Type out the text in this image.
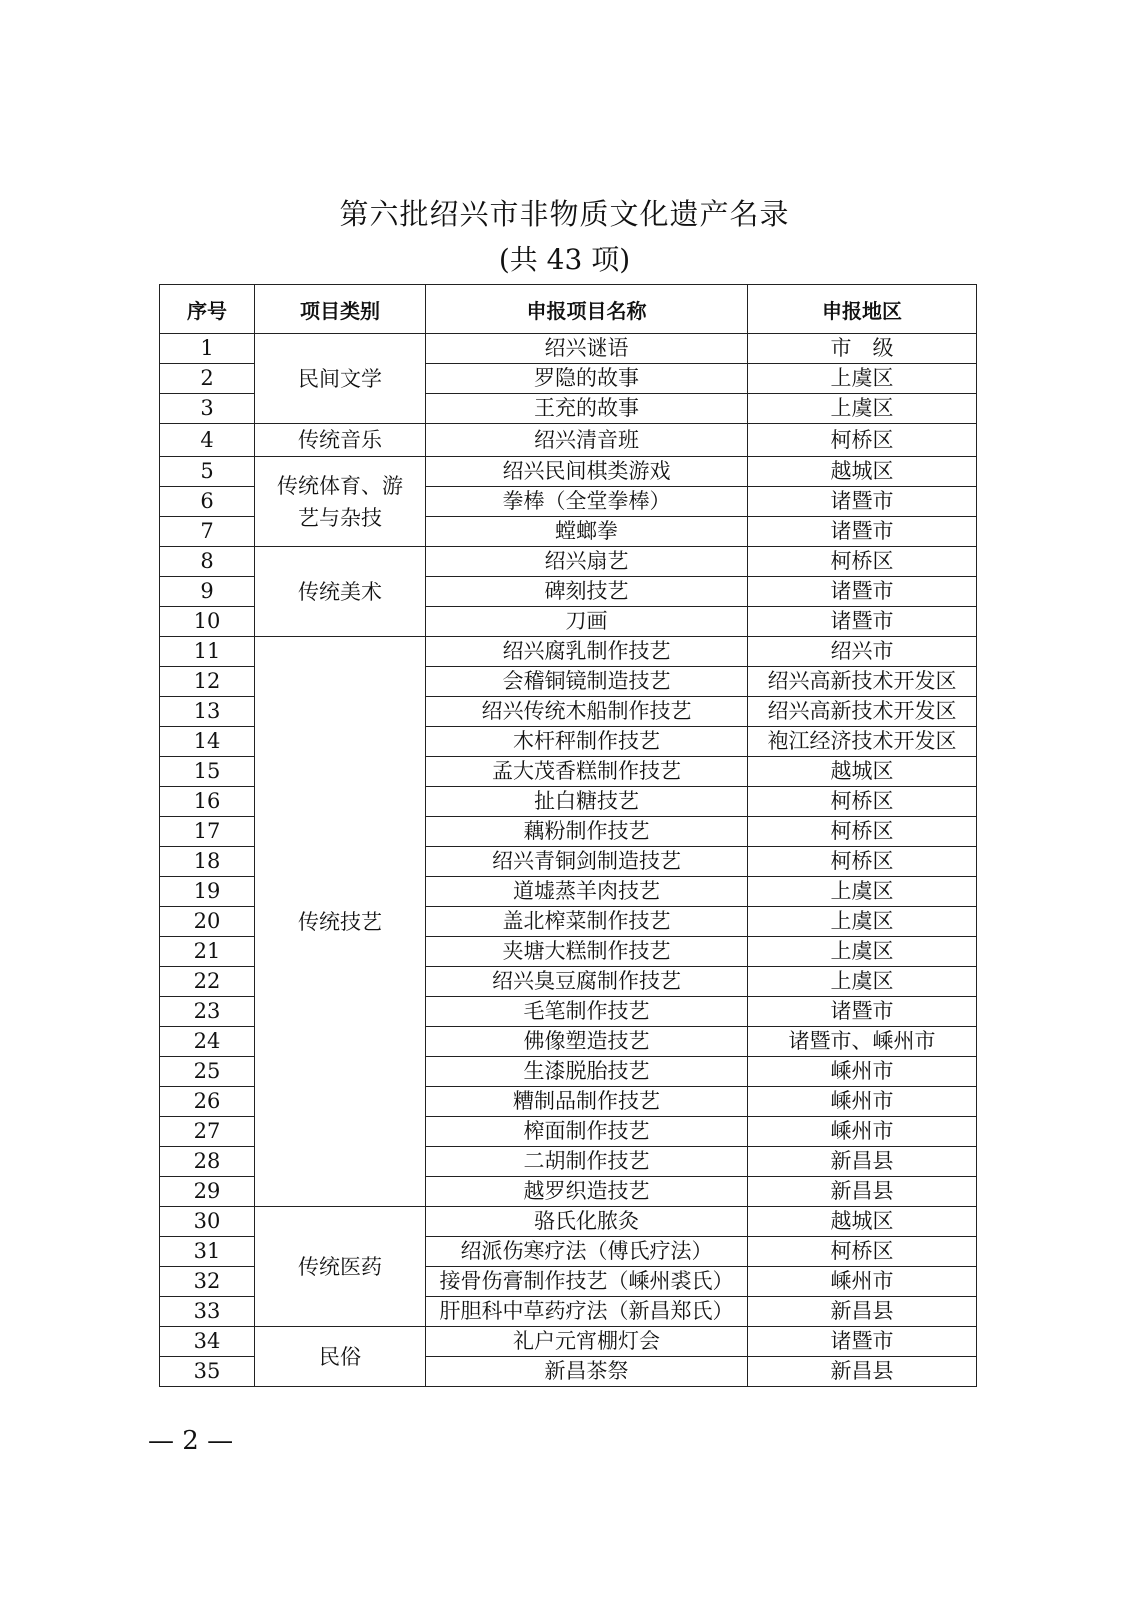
第六批绍兴市非物质文化遗产名录
(共 43 项)
序号	项目类别	申报项目名称	申报地区
1	民间文学	绍兴谜语	市　级
2		罗隐的故事	上虞区
3		王充的故事	上虞区
4	传统音乐	绍兴清音班	柯桥区
5	传统体育、游艺与杂技	绍兴民间棋类游戏	越城区
6		拳棒（全堂拳棒）	诸暨市
7		螳螂拳	诸暨市
8	传统美术	绍兴扇艺	柯桥区
9		碑刻技艺	诸暨市
10		刀画	诸暨市
11	传统技艺	绍兴腐乳制作技艺	绍兴市
12		会稽铜镜制造技艺	绍兴高新技术开发区
13		绍兴传统木船制作技艺	绍兴高新技术开发区
14		木杆秤制作技艺	袍江经济技术开发区
15		孟大茂香糕制作技艺	越城区
16		扯白糖技艺	柯桥区
17		藕粉制作技艺	柯桥区
18		绍兴青铜剑制造技艺	柯桥区
19		道墟蒸羊肉技艺	上虞区
20		盖北榨菜制作技艺	上虞区
21		夹塘大糕制作技艺	上虞区
22		绍兴臭豆腐制作技艺	上虞区
23		毛笔制作技艺	诸暨市
24		佛像塑造技艺	诸暨市、嵊州市
25		生漆脱胎技艺	嵊州市
26		糟制品制作技艺	嵊州市
27		榨面制作技艺	嵊州市
28		二胡制作技艺	新昌县
29		越罗织造技艺	新昌县
30	传统医药	骆氏化脓灸	越城区
31		绍派伤寒疗法（傅氏疗法）	柯桥区
32		接骨伤膏制作技艺（嵊州裘氏）	嵊州市
33		肝胆科中草药疗法（新昌郑氏）	新昌县
34	民俗	礼户元宵棚灯会	诸暨市
35		新昌茶祭	新昌县
— 2 —
